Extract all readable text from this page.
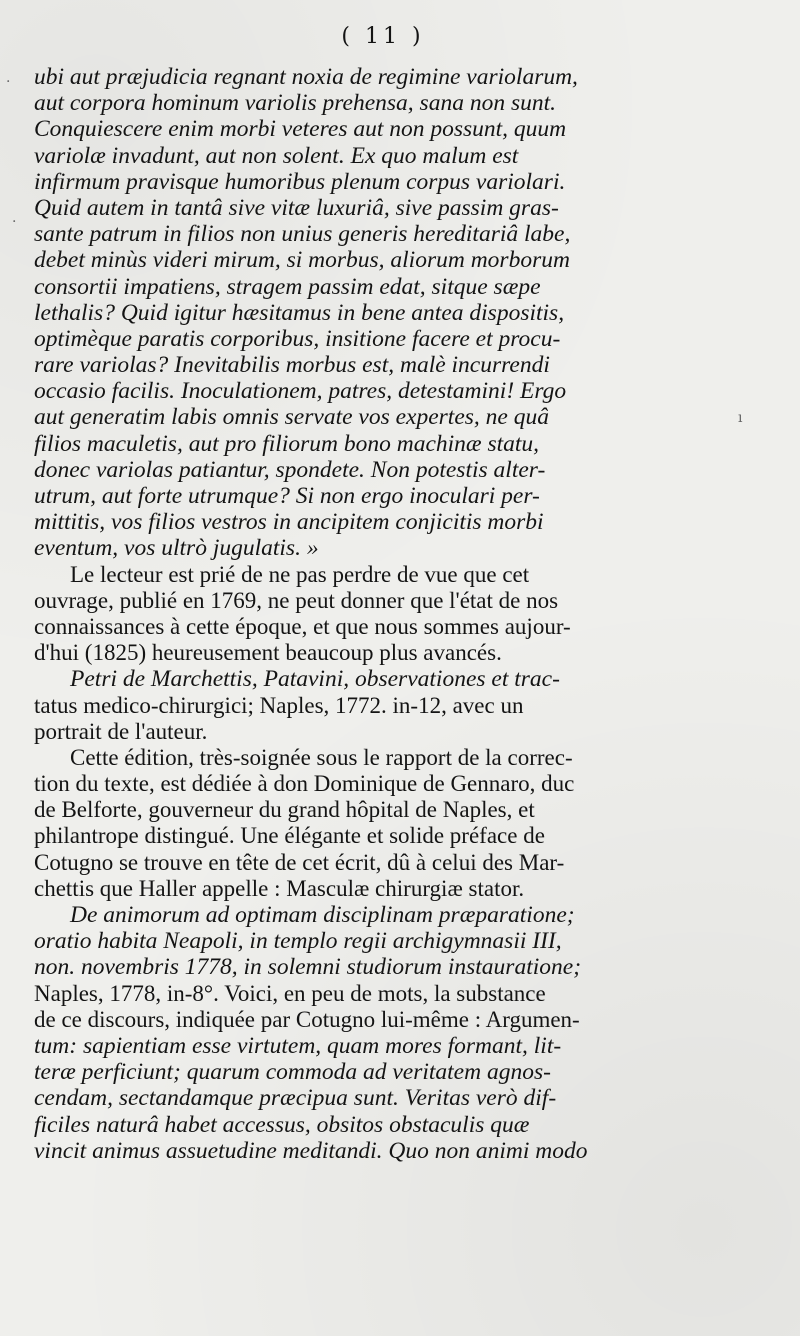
( 11 )
ubi aut præjudicia regnant noxia de regimine variolarum,
aut corpora hominum variolis prehensa, sana non sunt.
Conquiescere enim morbi veteres aut non possunt, quum
variolæ invadunt, aut non solent. Ex quo malum est
infirmum pravisque humoribus plenum corpus variolari.
Quid autem in tantâ sive vitæ luxuriâ, sive passim gras-
sante patrum in filios non unius generis hereditariâ labe,
debet minùs videri mirum, si morbus, aliorum morborum
consortii impatiens, stragem passim edat, sitque sæpe
lethalis? Quid igitur hæsitamus in bene antea dispositis,
optimèque paratis corporibus, insitione facere et procu-
rare variolas? Inevitabilis morbus est, malè incurrendi
occasio facilis. Inoculationem, patres, detestamini! Ergo
aut generatim labis omnis servate vos expertes, ne quâ
filios maculetis, aut pro filiorum bono machinæ statu,
donec variolas patiantur, spondete. Non potestis alter-
utrum, aut forte utrumque? Si non ergo inoculari per-
mittitis, vos filios vestros in ancipitem conjicitis morbi
eventum, vos ultrò jugulatis. »
Le lecteur est prié de ne pas perdre de vue que cet
ouvrage, publié en 1769, ne peut donner que l'état de nos
connaissances à cette époque, et que nous sommes aujour-
d'hui (1825) heureusement beaucoup plus avancés.
Petri de Marchettis, Patavini, observationes et trac-
tatus medico-chirurgici; Naples, 1772. in-12, avec un
portrait de l'auteur.
Cette édition, très-soignée sous le rapport de la correc-
tion du texte, est dédiée à don Dominique de Gennaro, duc
de Belforte, gouverneur du grand hôpital de Naples, et
philantrope distingué. Une élégante et solide préface de
Cotugno se trouve en tête de cet écrit, dû à celui des Mar-
chettis que Haller appelle : Masculæ chirurgiæ stator.
De animorum ad optimam disciplinam præparatione;
oratio habita Neapoli, in templo regii archigymnasii III,
non. novembris 1778, in solemni studiorum instauratione;
Naples, 1778, in-8°. Voici, en peu de mots, la substance
de ce discours, indiquée par Cotugno lui-même : Argumen-
tum: sapientiam esse virtutem, quam mores formant, lit-
teræ perficiunt; quarum commoda ad veritatem agnos-
cendam, sectandamque præcipua sunt. Veritas verò dif-
ficiles naturâ habet accessus, obsitos obstaculis quæ
vincit animus assuetudine meditandi. Quo non animi modo
·
·
ı
